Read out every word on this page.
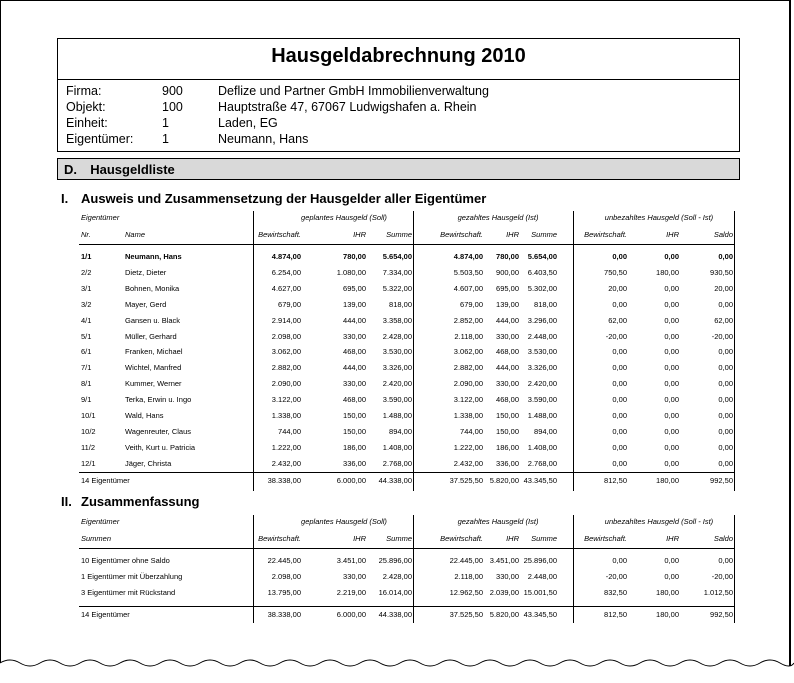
Hausgeldabrechnung 2010
Firma:	900	Deflize und Partner GmbH Immobilienverwaltung
Objekt:	100	Hauptstraße 47, 67067 Ludwigshafen a. Rhein
Einheit:	1	Laden, EG
Eigentümer: 1	Neumann, Hans
D. Hausgeldliste
I. Ausweis und Zusammensetzung der Hausgelder aller Eigentümer
Eigentümer	geplantes Hausgeld (Soll)	gezahltes Hausgeld (Ist)	unbezahltes Hausgeld (Soll - Ist)
Nr.	Name	Bewirtschaft.	IHR	Summe	Bewirtschaft.	IHR	Summe	Bewirtschaft.	IHR	Saldo
1/1	Neumann, Hans	4.874,00	780,00	5.654,00	4.874,00	780,00	5.654,00	0,00	0,00	0,00
2/2	Dietz, Dieter	6.254,00	1.080,00	7.334,00	5.503,50	900,00	6.403,50	750,50	180,00	930,50
3/1	Bohnen, Monika	4.627,00	695,00	5.322,00	4.607,00	695,00	5.302,00	20,00	0,00	20,00
3/2	Mayer, Gerd	679,00	139,00	818,00	679,00	139,00	818,00	0,00	0,00	0,00
4/1	Gansen u. Black	2.914,00	444,00	3.358,00	2.852,00	444,00	3.296,00	62,00	0,00	62,00
5/1	Müller, Gerhard	2.098,00	330,00	2.428,00	2.118,00	330,00	2.448,00	-20,00	0,00	-20,00
6/1	Franken, Michael	3.062,00	468,00	3.530,00	3.062,00	468,00	3.530,00	0,00	0,00	0,00
7/1	Wichtel, Manfred	2.882,00	444,00	3.326,00	2.882,00	444,00	3.326,00	0,00	0,00	0,00
8/1	Kummer, Werner	2.090,00	330,00	2.420,00	2.090,00	330,00	2.420,00	0,00	0,00	0,00
9/1	Terka, Erwin u. Ingo	3.122,00	468,00	3.590,00	3.122,00	468,00	3.590,00	0,00	0,00	0,00
10/1	Wald, Hans	1.338,00	150,00	1.488,00	1.338,00	150,00	1.488,00	0,00	0,00	0,00
10/2	Wagenreuter, Claus	744,00	150,00	894,00	744,00	150,00	894,00	0,00	0,00	0,00
11/2	Veith, Kurt u. Patricia	1.222,00	186,00	1.408,00	1.222,00	186,00	1.408,00	0,00	0,00	0,00
12/1	Jäger, Christa	2.432,00	336,00	2.768,00	2.432,00	336,00	2.768,00	0,00	0,00	0,00
14 Eigentümer	38.338,00	6.000,00	44.338,00	37.525,50 5.820,00 43.345,50	812,50	180,00	992,50
II. Zusammenfassung
Eigentümer	geplantes Hausgeld (Soll)	gezahltes Hausgeld (Ist)	unbezahltes Hausgeld (Soll - Ist)
Summen	Bewirtschaft.	IHR	Summe	Bewirtschaft.	IHR	Summe	Bewirtschaft.	IHR	Saldo
10 Eigentümer ohne Saldo	22.445,00	3.451,00	25.896,00	22.445,00 3.451,00 25.896,00	0,00	0,00	0,00
1 Eigentümer mit Überzahlung	2.098,00	330,00	2.428,00	2.118,00	330,00	2.448,00	-20,00	0,00	-20,00
3 Eigentümer mit Rückstand	13.795,00	2.219,00	16.014,00	12.962,50 2.039,00 15.001,50	832,50	180,00	1.012,50
14 Eigentümer	38.338,00	6.000,00	44.338,00	37.525,50 5.820,00 43.345,50	812,50	180,00	992,50
